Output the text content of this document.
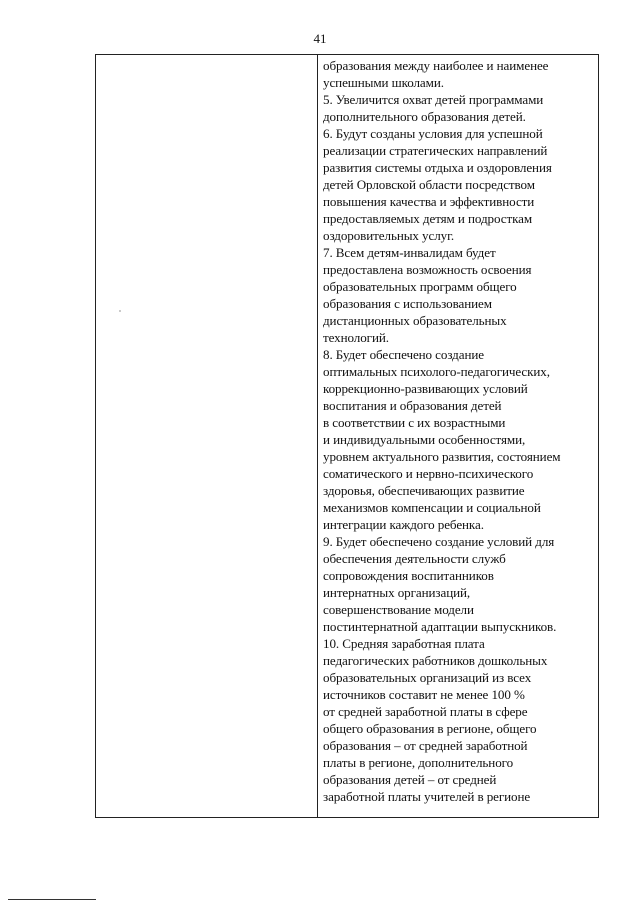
41
образования между наиболее и наименее
успешными школами.
5. Увеличится охват детей программами
дополнительного образования детей.
6. Будут созданы условия для успешной
реализации стратегических направлений
развития системы отдыха и оздоровления
детей Орловской области посредством
повышения качества и эффективности
предоставляемых детям и подросткам
оздоровительных услуг.
7. Всем детям-инвалидам будет
предоставлена возможность освоения
образовательных программ общего
образования с использованием
дистанционных образовательных
технологий.
8. Будет обеспечено создание
оптимальных психолого-педагогических,
коррекционно-развивающих условий
воспитания и образования детей
в соответствии с их возрастными
и индивидуальными особенностями,
уровнем актуального развития, состоянием
соматического и нервно-психического
здоровья, обеспечивающих развитие
механизмов компенсации и социальной
интеграции каждого ребенка.
9. Будет обеспечено создание условий для
обеспечения деятельности служб
сопровождения воспитанников
интернатных организаций,
совершенствование модели
постинтернатной адаптации выпускников.
10. Средняя заработная плата
педагогических работников дошкольных
образовательных организаций из всех
источников составит не менее 100 %
от средней заработной платы в сфере
общего образования в регионе, общего
образования – от средней заработной
платы в регионе, дополнительного
образования детей – от средней
заработной платы учителей в регионе
